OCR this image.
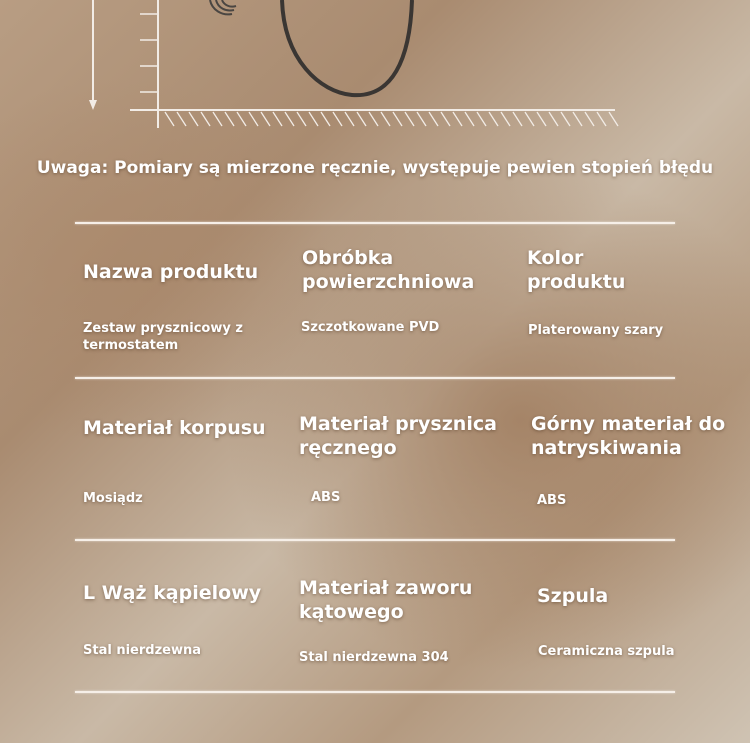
Uwaga: Pomiary są mierzone ręcznie, występuje pewien stopień błędu
Nazwa produktu
Zestaw prysznicowy z termostatem
Obróbka powierzchniowa
Szczotkowane PVD
Kolor produktu
Platerowany szary
Materiał korpusu
Mosiądz
Materiał prysznica ręcznego
ABS
Górny materiał do natryskiwania
ABS
L Wąż kąpielowy
Stal nierdzewna
Materiał zaworu kątowego
Stal nierdzewna 304
Szpula
Ceramiczna szpula
